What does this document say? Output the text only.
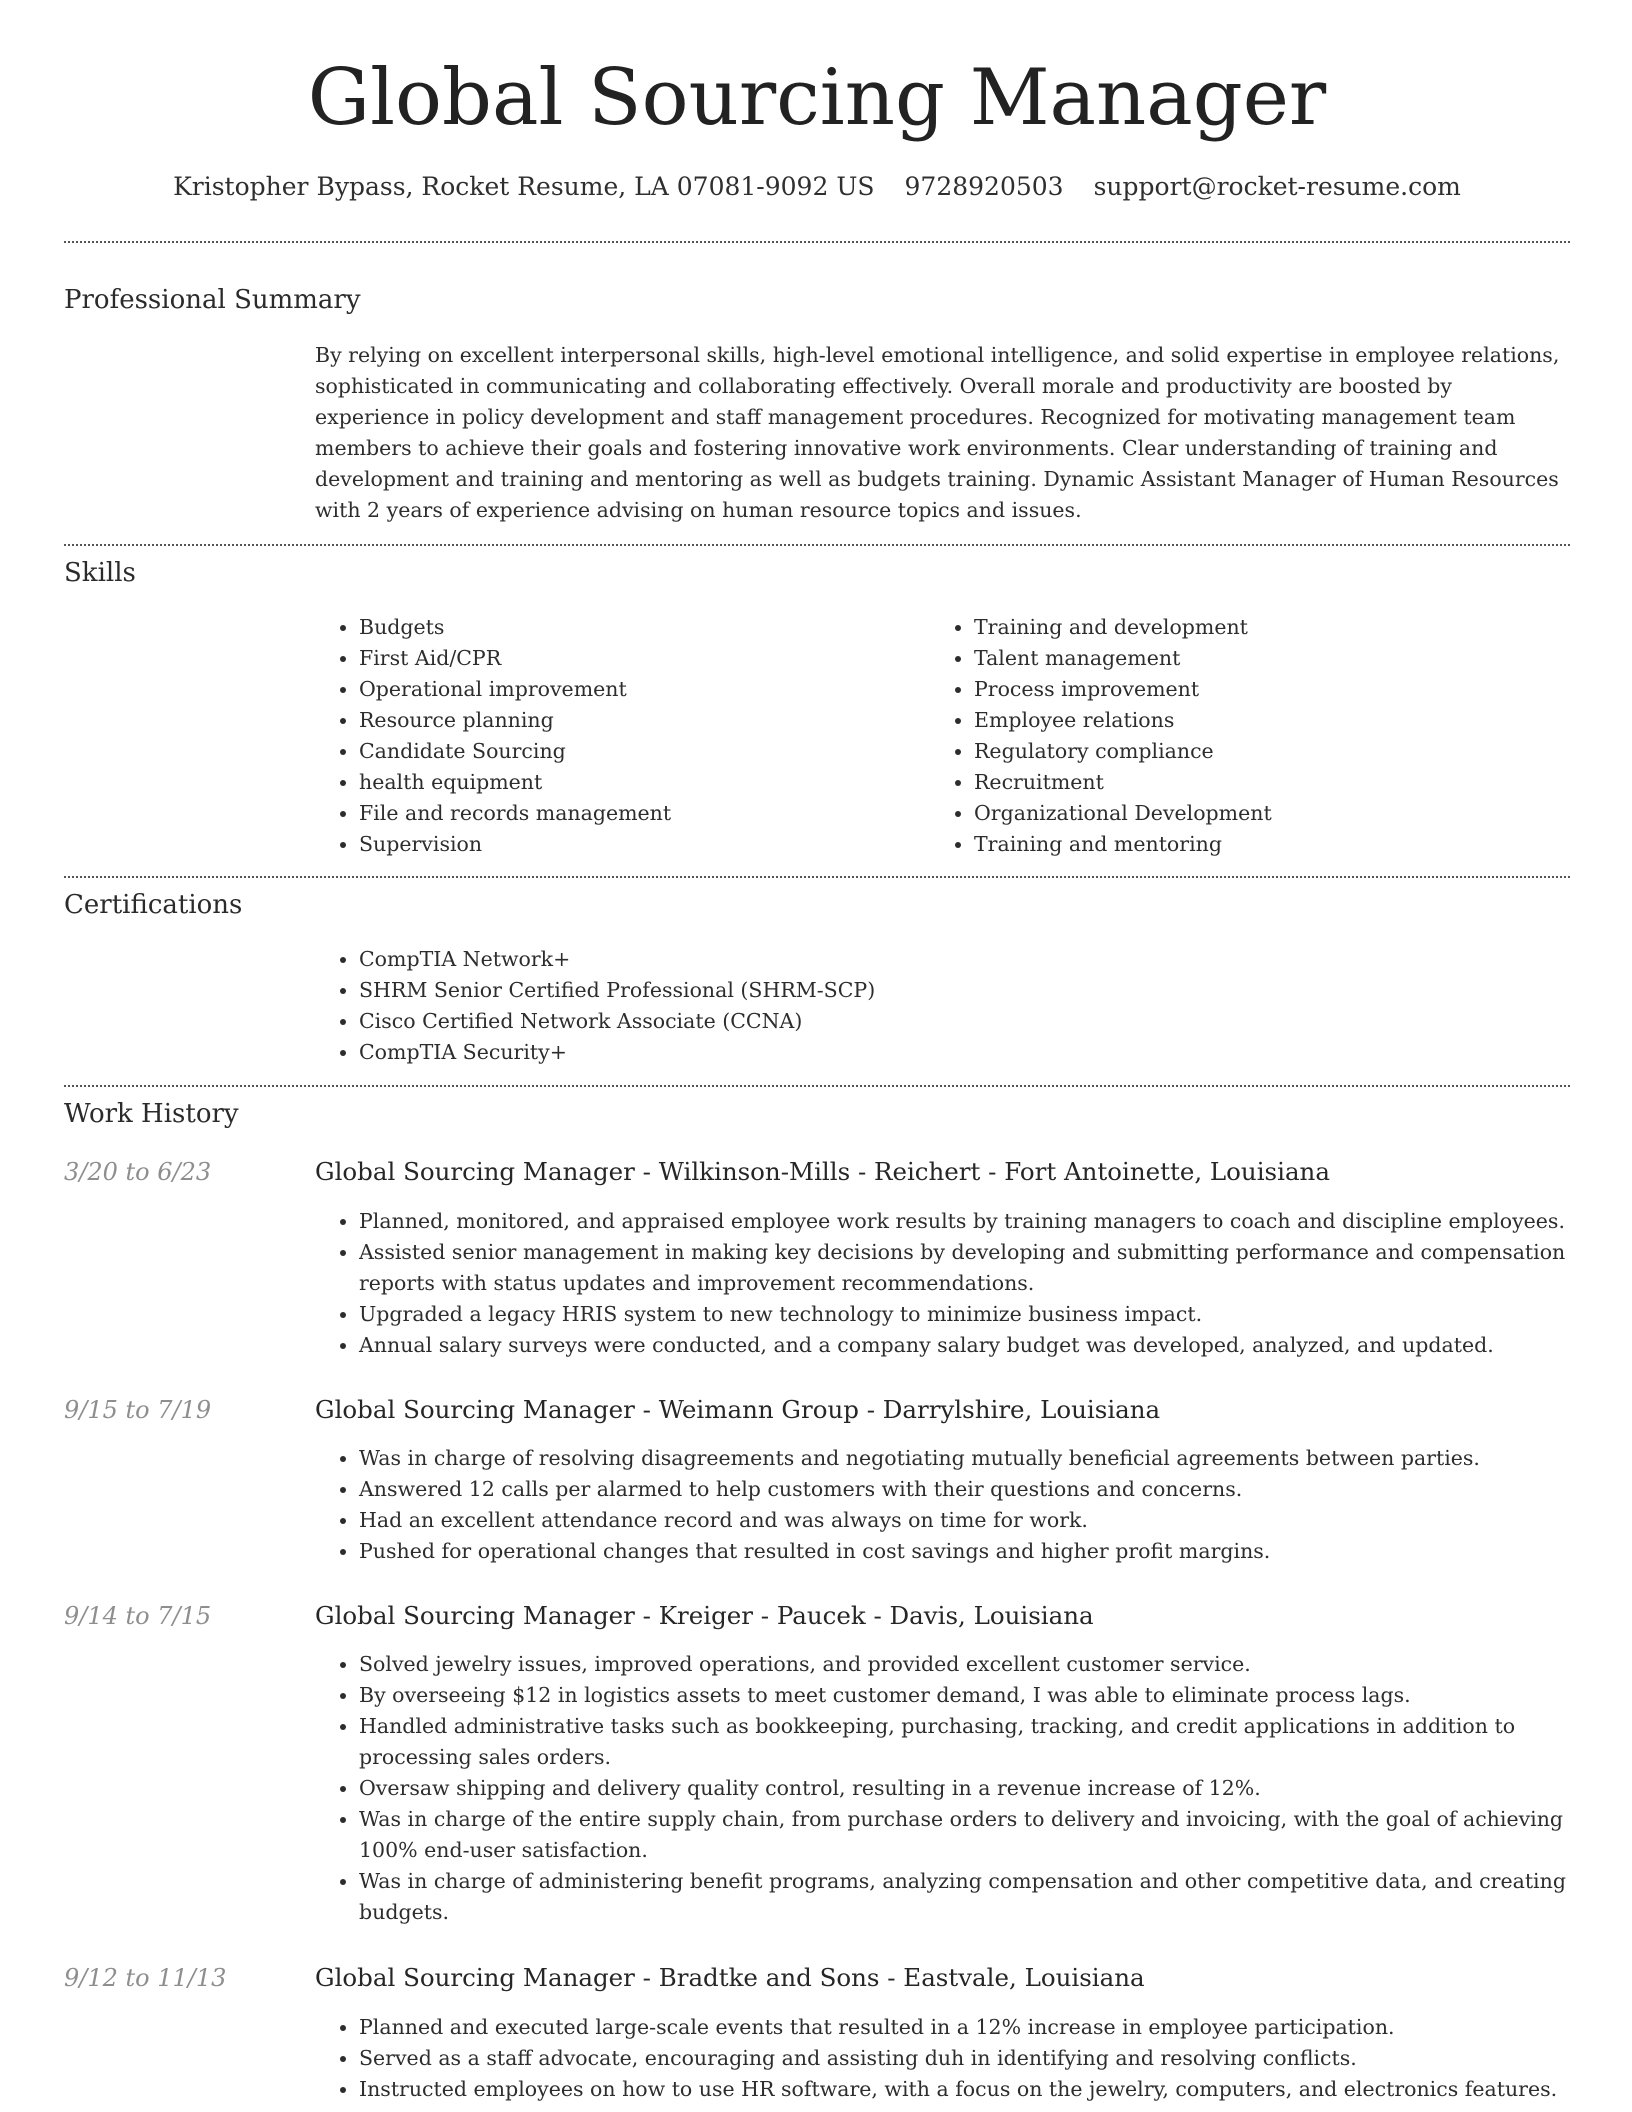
Global Sourcing Manager
Kristopher Bypass, Rocket Resume, LA 07081-9092 US 9728920503 support@rocket-resume.com
Professional Summary

By relying on excellent interpersonal skills, high-level emotional intelligence, and solid expertise in employee relations, sophisticated in communicating and collaborating effectively. Overall morale and productivity are boosted by experience in policy development and staff management procedures. Recognized for motivating management team members to achieve their goals and fostering innovative work environments. Clear understanding of training and development and training and mentoring as well as budgets training. Dynamic Assistant Manager of Human Resources with 2 years of experience advising on human resource topics and issues.

Skills
• Budgets
• First Aid/CPR
• Operational improvement
• Resource planning
• Candidate Sourcing
• health equipment
• File and records management
• Supervision
• Training and development
• Talent management
• Process improvement
• Employee relations
• Regulatory compliance
• Recruitment
• Organizational Development
• Training and mentoring
Certifications
• CompTIA Network+
• SHRM Senior Certified Professional (SHRM-SCP)
• Cisco Certified Network Associate (CCNA)
• CompTIA Security+
Work History
3/20 to 6/23	Global Sourcing Manager - Wilkinson-Mills - Reichert - Fort Antoinette, Louisiana
• Planned, monitored, and appraised employee work results by training managers to coach and discipline employees.
• Assisted senior management in making key decisions by developing and submitting performance and compensation reports with status updates and improvement recommendations.
• Upgraded a legacy HRIS system to new technology to minimize business impact.
• Annual salary surveys were conducted, and a company salary budget was developed, analyzed, and updated.
9/15 to 7/19	Global Sourcing Manager - Weimann Group - Darrylshire, Louisiana
• Was in charge of resolving disagreements and negotiating mutually beneficial agreements between parties.
• Answered 12 calls per alarmed to help customers with their questions and concerns.
• Had an excellent attendance record and was always on time for work.
• Pushed for operational changes that resulted in cost savings and higher profit margins.
9/14 to 7/15	Global Sourcing Manager - Kreiger - Paucek - Davis, Louisiana
• Solved jewelry issues, improved operations, and provided excellent customer service.
• By overseeing $12 in logistics assets to meet customer demand, I was able to eliminate process lags.
• Handled administrative tasks such as bookkeeping, purchasing, tracking, and credit applications in addition to processing sales orders.
• Oversaw shipping and delivery quality control, resulting in a revenue increase of 12%.
• Was in charge of the entire supply chain, from purchase orders to delivery and invoicing, with the goal of achieving 100% end-user satisfaction.
• Was in charge of administering benefit programs, analyzing compensation and other competitive data, and creating budgets.
9/12 to 11/13	Global Sourcing Manager - Bradtke and Sons - Eastvale, Louisiana
• Planned and executed large-scale events that resulted in a 12% increase in employee participation.
• Served as a staff advocate, encouraging and assisting duh in identifying and resolving conflicts.
• Instructed employees on how to use HR software, with a focus on the jewelry, computers, and electronics features.
